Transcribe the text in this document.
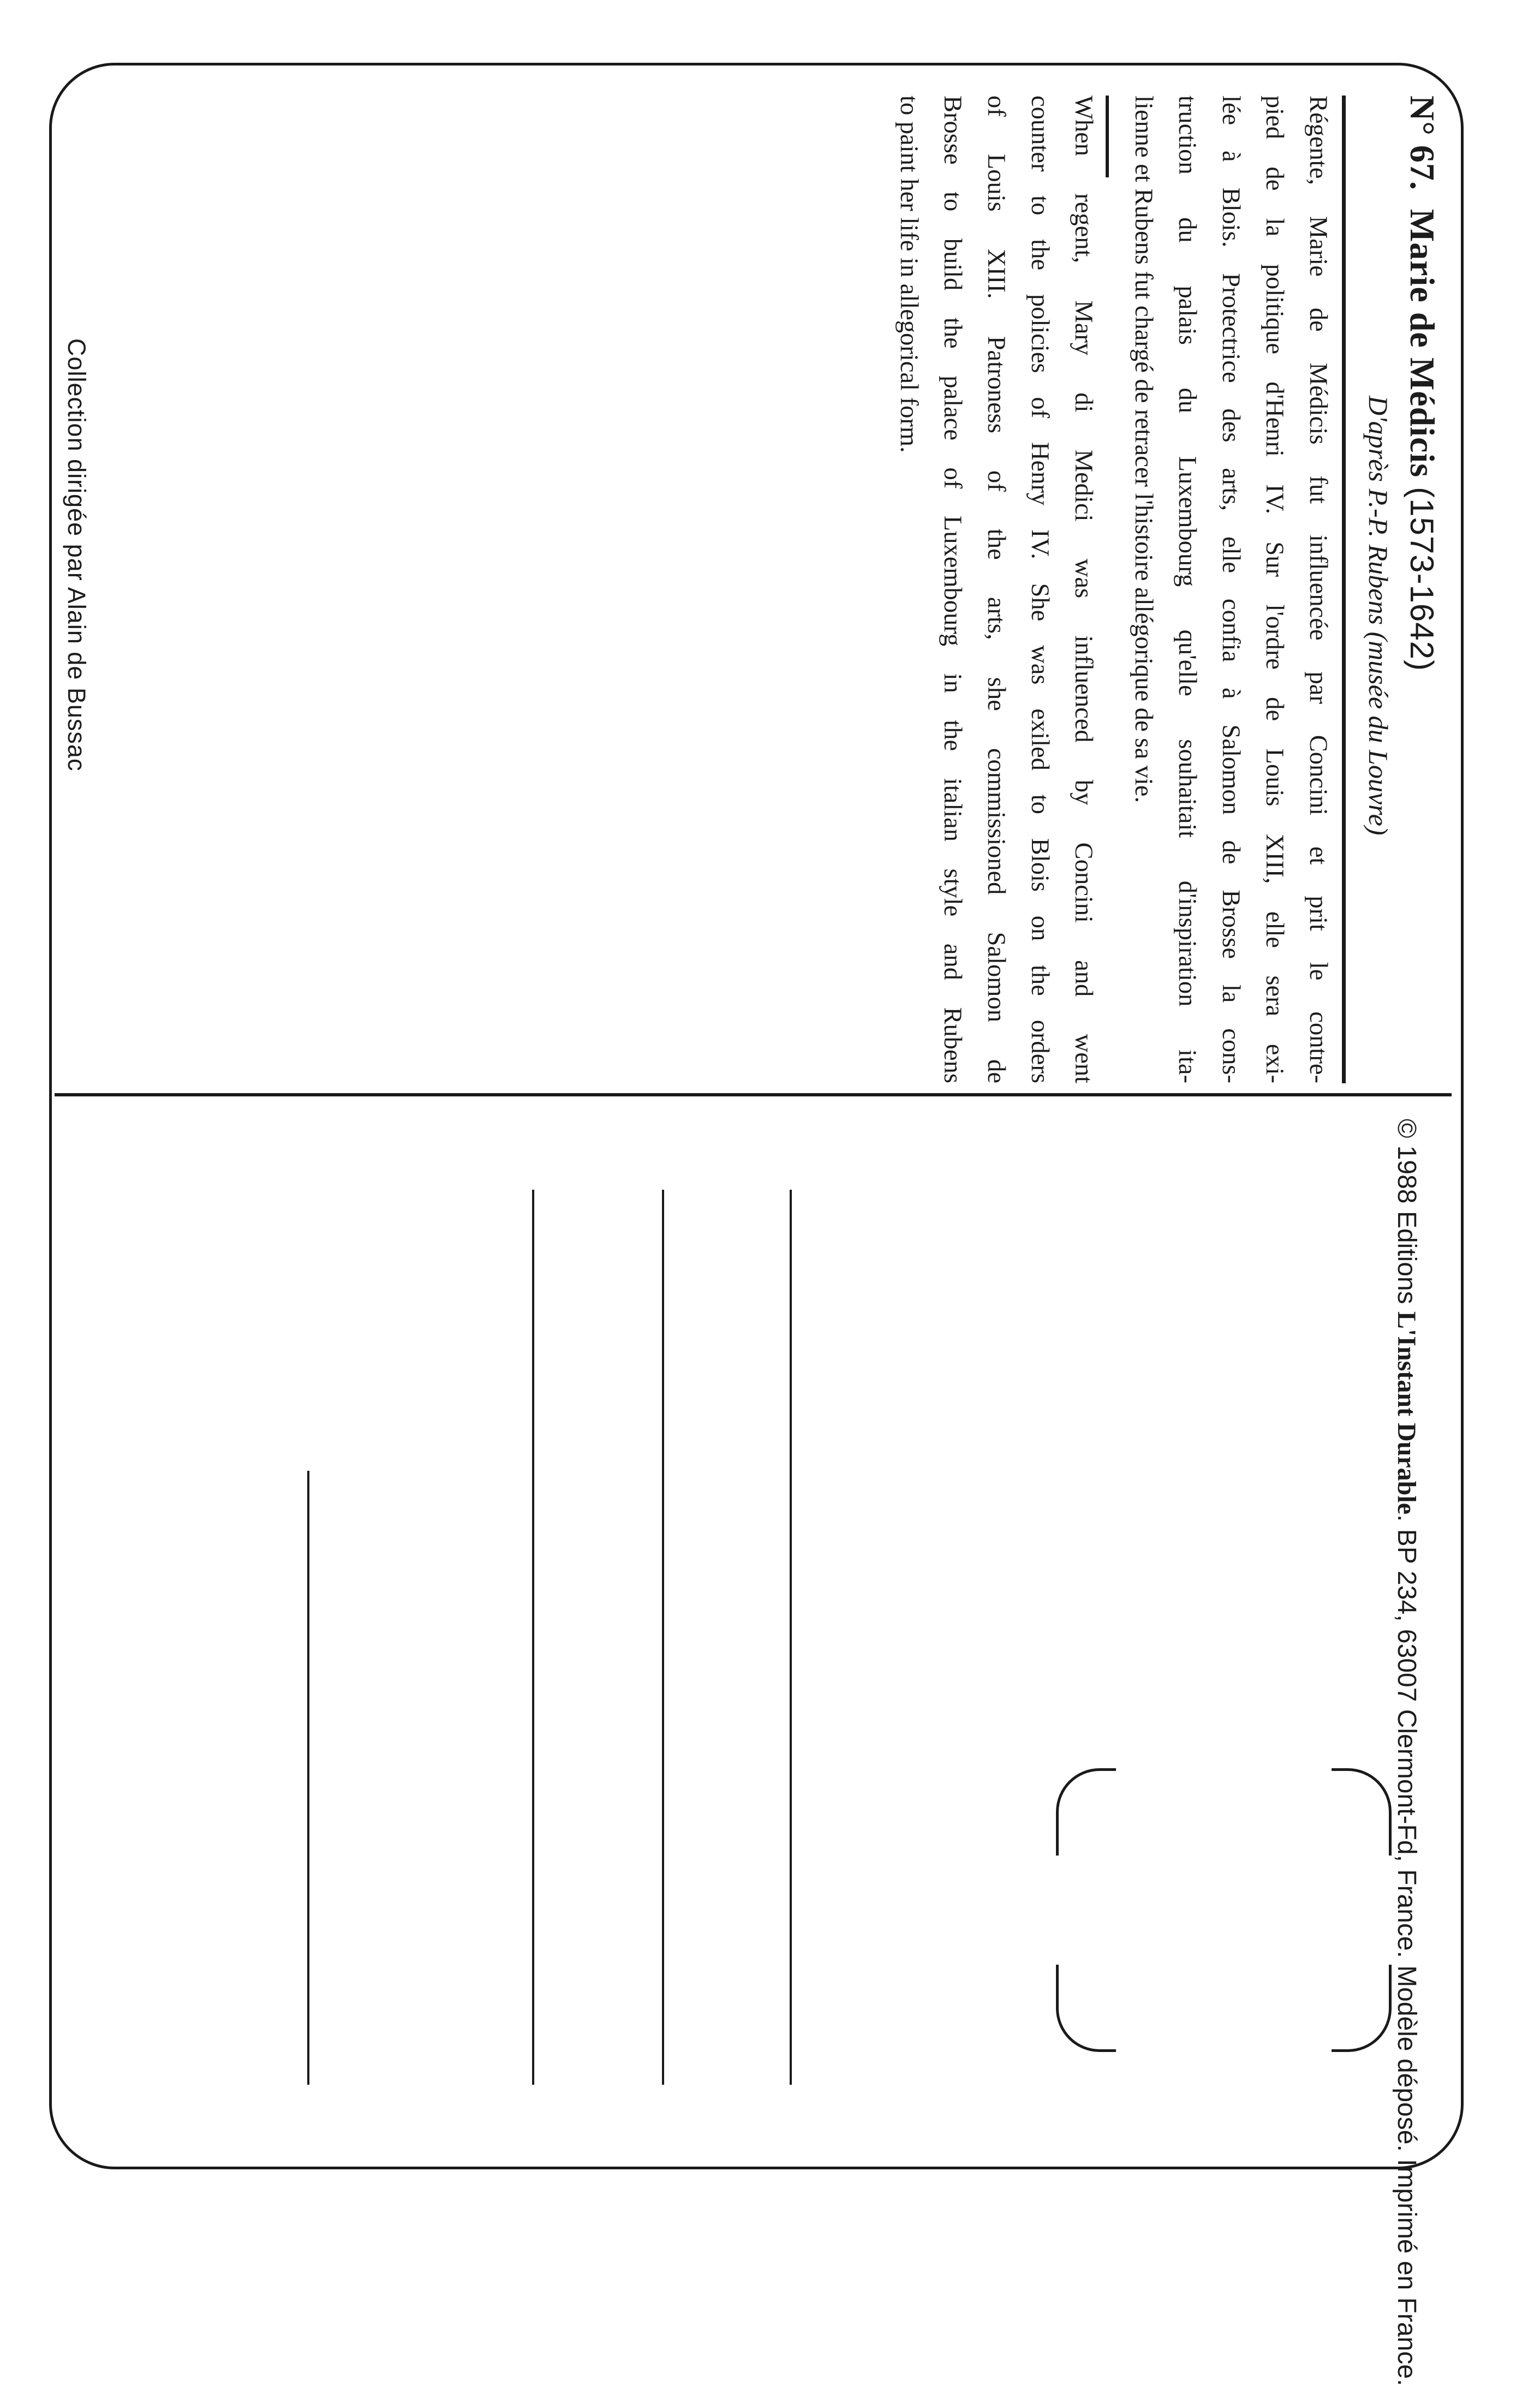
N° 67.  Marie de Médicis (1573-1642)
D'après P.-P. Rubens (musée du Louvre)
Régente, Marie de Médicis fut influencée par Concini et prit le contre-
pied de la politique d'Henri IV. Sur l'ordre de Louis XIII, elle sera exi-
lée à Blois. Protectrice des arts, elle confia à Salomon de Brosse la cons-
truction du palais du Luxembourg qu'elle souhaitait d'inspiration ita-
lienne et Rubens fut chargé de retracer l'histoire allégorique de sa vie.
When regent, Mary di Medici was influenced by Concini and went
counter to the policies of Henry IV. She was exiled to Blois on the orders
of Louis XIII. Patroness of the arts, she commissioned Salomon de
Brosse to build the palace of Luxembourg in the italian style and Rubens
to paint her life in allegorical form.
© 1988 Editions L'Instant Durable. BP 234, 63007 Clermont-Fd, France. Modèle déposé. Imprimé en France.
Collection dirigée par Alain de Bussac
